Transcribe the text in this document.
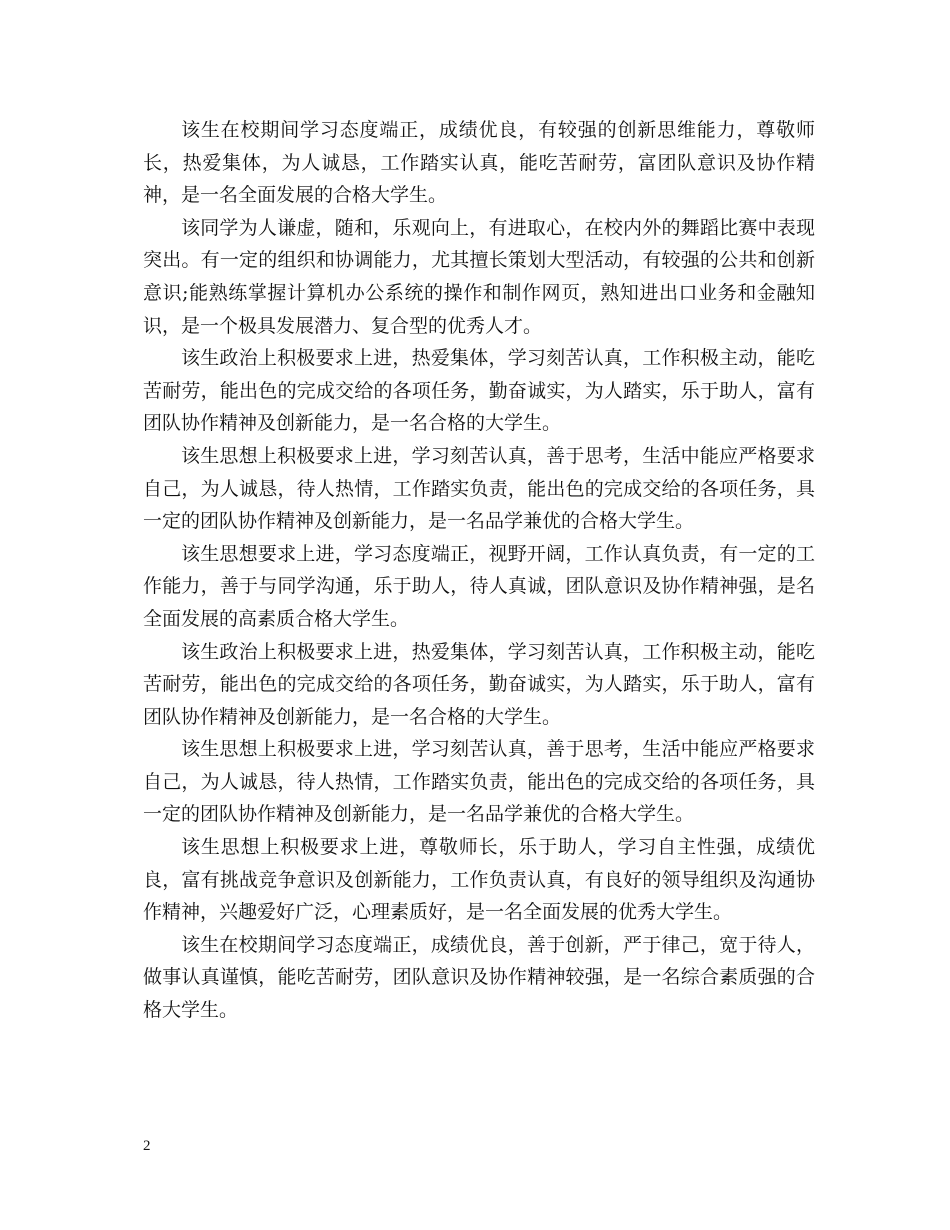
该生在校期间学习态度端正，成绩优良，有较强的创新思维能力，尊敬师长，热爱集体，为人诚恳，工作踏实认真，能吃苦耐劳，富团队意识及协作精神，是一名全面发展的合格大学生。

该同学为人谦虚，随和，乐观向上，有进取心，在校内外的舞蹈比赛中表现突出。有一定的组织和协调能力，尤其擅长策划大型活动，有较强的公共和创新意识;能熟练掌握计算机办公系统的操作和制作网页，熟知进出口业务和金融知识，是一个极具发展潜力、复合型的优秀人才。

该生政治上积极要求上进，热爱集体，学习刻苦认真，工作积极主动，能吃苦耐劳，能出色的完成交给的各项任务，勤奋诚实，为人踏实，乐于助人，富有团队协作精神及创新能力，是一名合格的大学生。

该生思想上积极要求上进，学习刻苦认真，善于思考，生活中能应严格要求自己，为人诚恳，待人热情，工作踏实负责，能出色的完成交给的各项任务，具一定的团队协作精神及创新能力，是一名品学兼优的合格大学生。

该生思想要求上进，学习态度端正，视野开阔，工作认真负责，有一定的工作能力，善于与同学沟通，乐于助人，待人真诚，团队意识及协作精神强，是名全面发展的高素质合格大学生。

该生政治上积极要求上进，热爱集体，学习刻苦认真，工作积极主动，能吃苦耐劳，能出色的完成交给的各项任务，勤奋诚实，为人踏实，乐于助人，富有团队协作精神及创新能力，是一名合格的大学生。

该生思想上积极要求上进，学习刻苦认真，善于思考，生活中能应严格要求自己，为人诚恳，待人热情，工作踏实负责，能出色的完成交给的各项任务，具一定的团队协作精神及创新能力，是一名品学兼优的合格大学生。

该生思想上积极要求上进，尊敬师长，乐于助人，学习自主性强，成绩优良，富有挑战竞争意识及创新能力，工作负责认真，有良好的领导组织及沟通协作精神，兴趣爱好广泛，心理素质好，是一名全面发展的优秀大学生。

该生在校期间学习态度端正，成绩优良，善于创新，严于律己，宽于待人，做事认真谨慎，能吃苦耐劳，团队意识及协作精神较强，是一名综合素质强的合格大学生。

2
